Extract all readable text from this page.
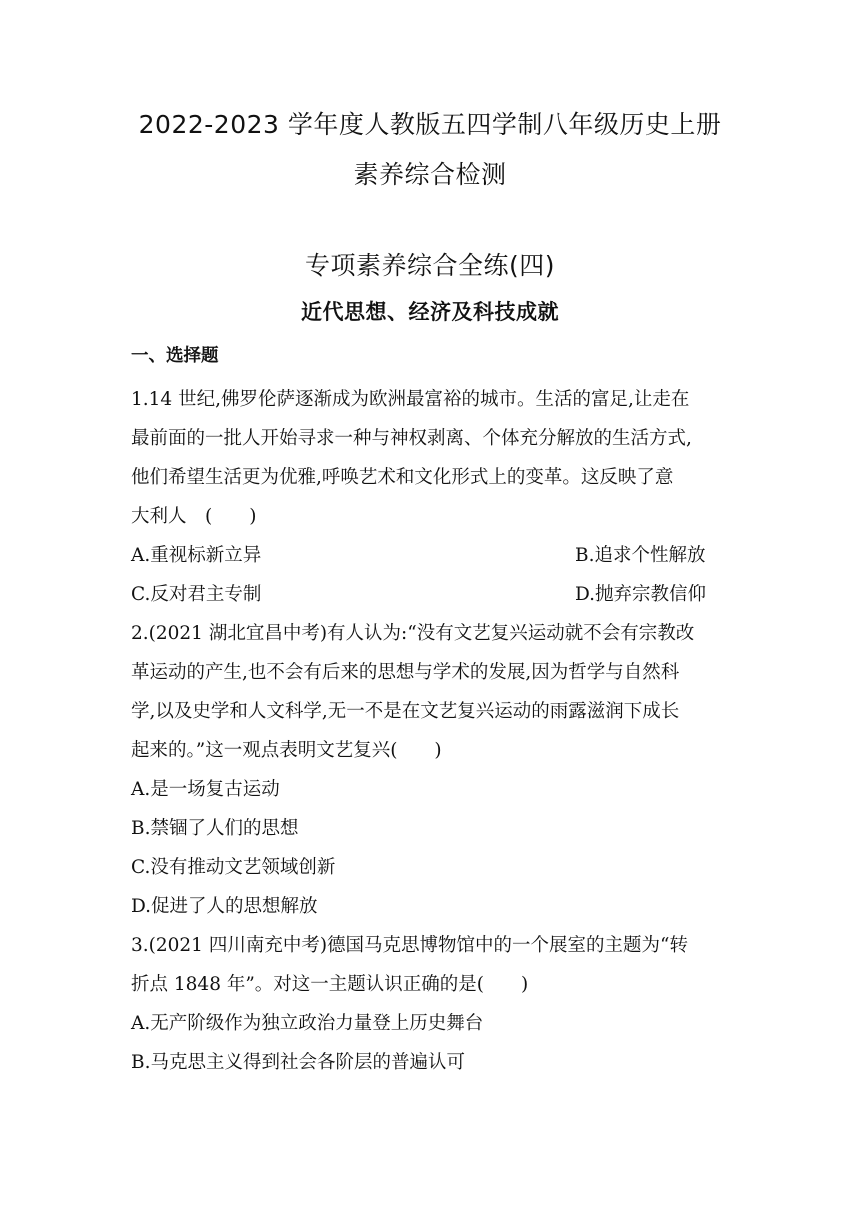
2022-2023 学年度人教版五四学制八年级历史上册
素养综合检测
专项素养综合全练(四)
近代思想、经济及科技成就
一、选择题
1.14 世纪,佛罗伦萨逐渐成为欧洲最富裕的城市。生活的富足,让走在
最前面的一批人开始寻求一种与神权剥离、个体充分解放的生活方式,
他们希望生活更为优雅,呼唤艺术和文化形式上的变革。这反映了意
大利人　(　　)
A.重视标新立异	B.追求个性解放
C.反对君主专制	D.抛弃宗教信仰
2.(2021 湖北宜昌中考)有人认为:“没有文艺复兴运动就不会有宗教改
革运动的产生,也不会有后来的思想与学术的发展,因为哲学与自然科
学,以及史学和人文科学,无一不是在文艺复兴运动的雨露滋润下成长
起来的。”这一观点表明文艺复兴(　　)
A.是一场复古运动
B.禁锢了人们的思想
C.没有推动文艺领域创新
D.促进了人的思想解放
3.(2021 四川南充中考)德国马克思博物馆中的一个展室的主题为“转
折点 1848 年”。对这一主题认识正确的是(　　)
A.无产阶级作为独立政治力量登上历史舞台
B.马克思主义得到社会各阶层的普遍认可
